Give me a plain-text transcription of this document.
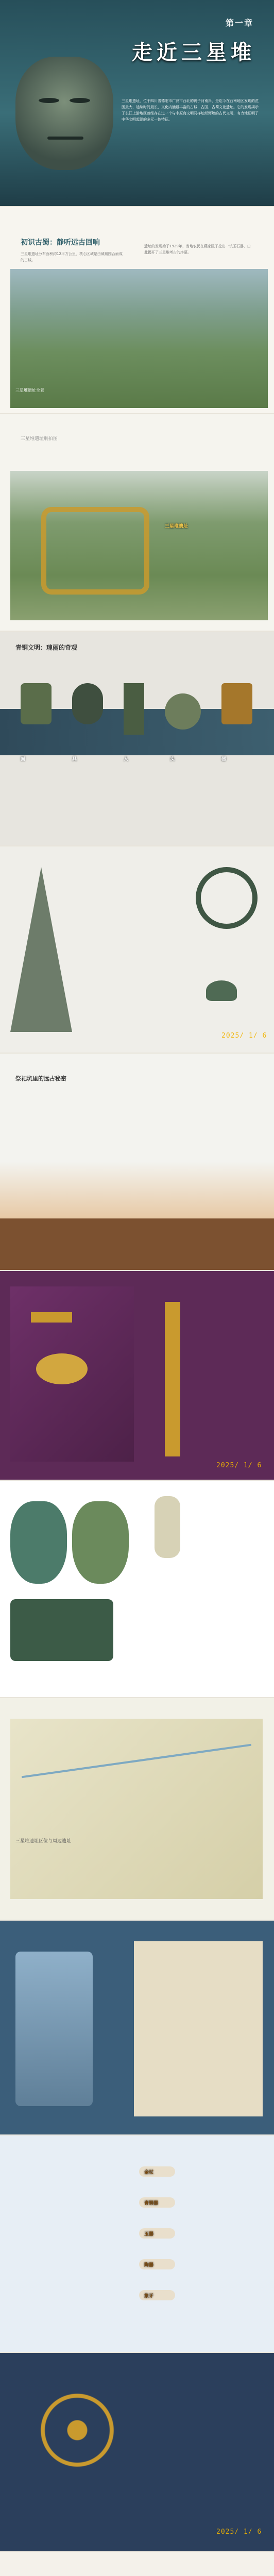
第一章
走近三星堆
三星堆遗址，位于四川省德阳市广汉市西北的鸭子河南岸，是迄今在西南地区发现的范围最大、延续时间最长、文化内涵最丰富的古城、古国、古蜀文化遗址。它的发现揭示了长江上游地区曾经存在过一个与中原商文明同样灿烂辉煌的古代文明，有力地证明了中华文明起源的多元一体特征。
初识古蜀：静听远古回响
三星堆遗址分布面积约12平方公里，核心区域是由城墙围合而成的古城。
遗址的发现始于1929年，当地农民在燕家院子挖出一坑玉石器，由此揭开了三星堆考古的序幕。
三星堆遗址全景
三星堆遗址航拍图
三星堆遗址
青铜文明：瑰丽的奇观
面	具	人	头	器
2025/ 1/ 6
祭祀坑里的远古秘密
2025/ 1/ 6
三星堆遗址区位与周边遗址
金杖
青铜器
玉器
陶器
象牙
2025/ 1/ 6
